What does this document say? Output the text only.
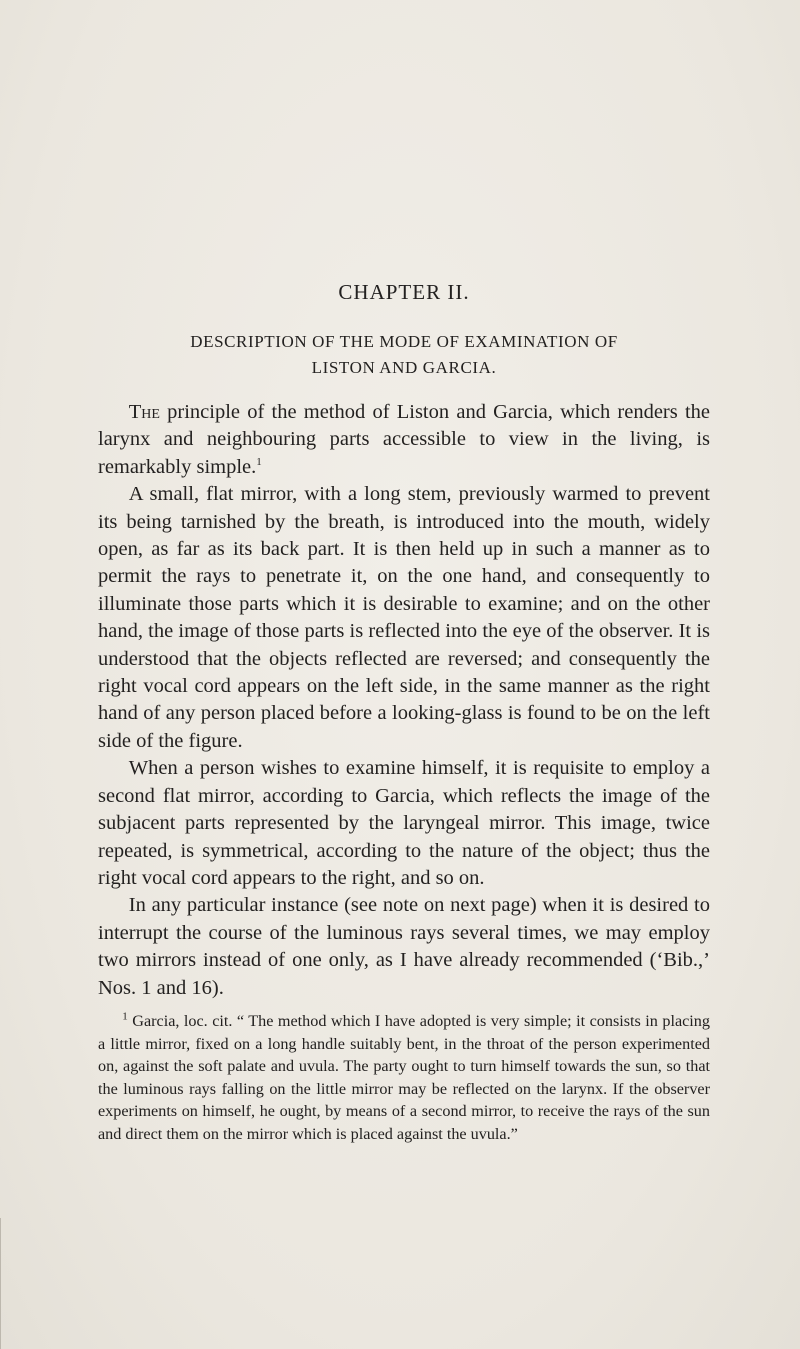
CHAPTER II.
DESCRIPTION OF THE MODE OF EXAMINATION OF
LISTON AND GARCIA.

The principle of the method of Liston and Garcia, which renders the larynx and neighbouring parts accessible to view in the living, is remarkably simple.$^1$

A small, flat mirror, with a long stem, previously warmed to prevent its being tarnished by the breath, is introduced into the mouth, widely open, as far as its back part. It is then held up in such a manner as to permit the rays to penetrate it, on the one hand, and consequently to illuminate those parts which it is desirable to examine; and on the other hand, the image of those parts is reflected into the eye of the observer. It is understood that the objects reflected are reversed; and consequently the right vocal cord appears on the left side, in the same manner as the right hand of any person placed before a looking-glass is found to be on the left side of the figure.

When a person wishes to examine himself, it is requisite to employ a second flat mirror, according to Garcia, which reflects the image of the subjacent parts represented by the laryngeal mirror. This image, twice repeated, is symmetrical, according to the nature of the object; thus the right vocal cord appears to the right, and so on.

In any particular instance (see note on next page) when it is desired to interrupt the course of the luminous rays several times, we may employ two mirrors instead of one only, as I have already recommended (‘Bib.,’ Nos. 1 and 16).

$^1$ Garcia, loc. cit. “ The method which I have adopted is very simple; it consists in placing a little mirror, fixed on a long handle suitably bent, in the throat of the person experimented on, against the soft palate and uvula. The party ought to turn himself towards the sun, so that the luminous rays falling on the little mirror may be reflected on the larynx. If the observer experiments on himself, he ought, by means of a second mirror, to receive the rays of the sun and direct them on the mirror which is placed against the uvula.”
